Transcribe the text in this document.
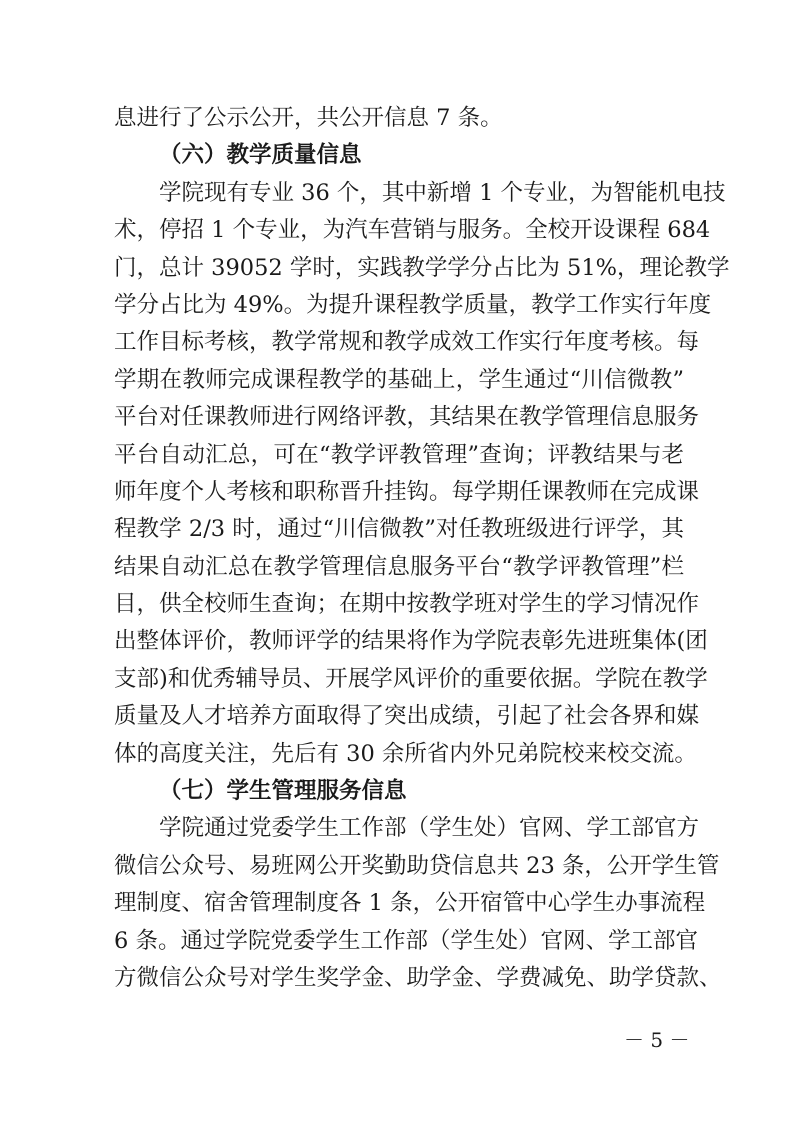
息进行了公示公开，共公开信息 7 条。
（六）教学质量信息
学院现有专业 36 个，其中新增 1 个专业，为智能机电技
术，停招 1 个专业，为汽车营销与服务。全校开设课程 684
门，总计 39052 学时，实践教学学分占比为 51%，理论教学
学分占比为 49%。为提升课程教学质量，教学工作实行年度
工作目标考核，教学常规和教学成效工作实行年度考核。每
学期在教师完成课程教学的基础上，学生通过“川信微教”
平台对任课教师进行网络评教，其结果在教学管理信息服务
平台自动汇总，可在“教学评教管理”查询；评教结果与老
师年度个人考核和职称晋升挂钩。每学期任课教师在完成课
程教学 2/3 时，通过“川信微教”对任教班级进行评学，其
结果自动汇总在教学管理信息服务平台“教学评教管理”栏
目，供全校师生查询；在期中按教学班对学生的学习情况作
出整体评价，教师评学的结果将作为学院表彰先进班集体(团
支部)和优秀辅导员、开展学风评价的重要依据。学院在教学
质量及人才培养方面取得了突出成绩，引起了社会各界和媒
体的高度关注，先后有 30 余所省内外兄弟院校来校交流。
（七）学生管理服务信息
学院通过党委学生工作部（学生处）官网、学工部官方
微信公众号、易班网公开奖勤助贷信息共 23 条，公开学生管
理制度、宿舍管理制度各 1 条，公开宿管中心学生办事流程
6 条。通过学院党委学生工作部（学生处）官网、学工部官
方微信公众号对学生奖学金、助学金、学费减免、助学贷款、
－ 5 －
